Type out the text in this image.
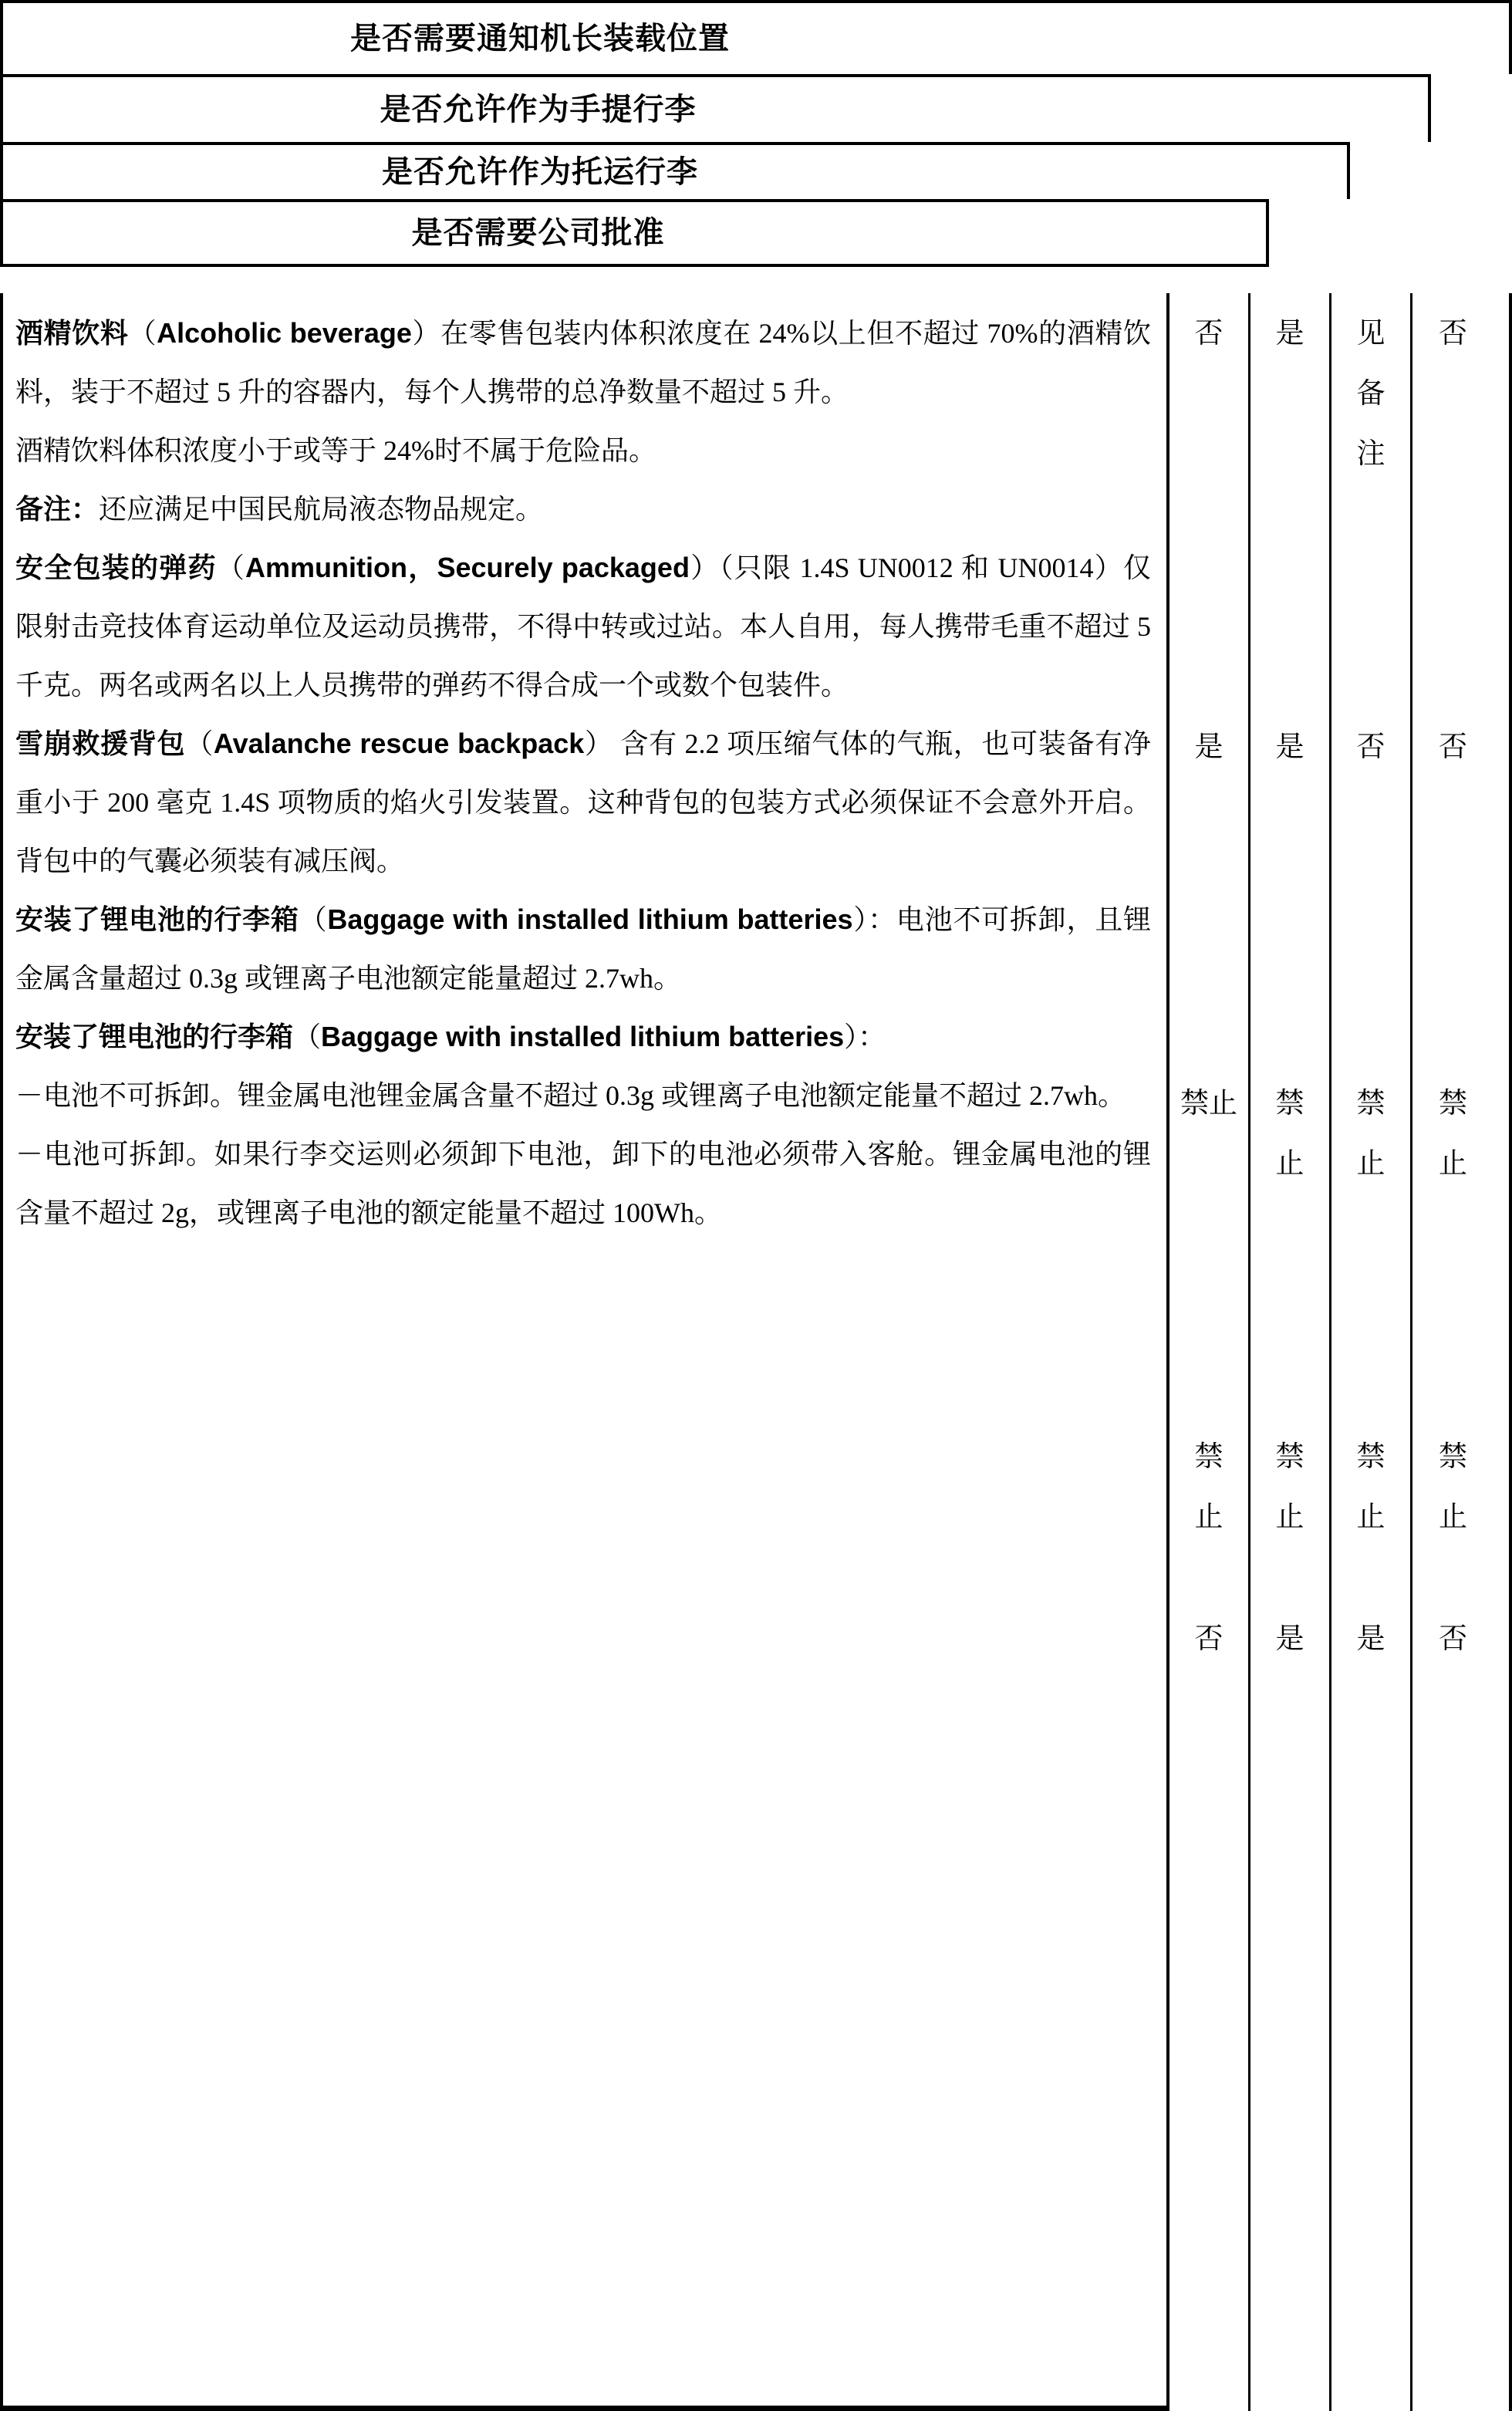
是否需要通知机长装载位置
是否允许作为手提行李
是否允许作为托运行李
是否需要公司批准

酒精饮料（Alcoholic beverage）在零售包装内体积浓度在 24%以上但不超过 70%的酒精饮料，装于不超过 5 升的容器内，每个人携带的总净数量不超过 5 升。

酒精饮料体积浓度小于或等于 24%时不属于危险品。

备注：还应满足中国民航局液态物品规定。

安全包装的弹药（Ammunition，Securely packaged）（只限 1.4S UN0012 和 UN0014）仅限射击竞技体育运动单位及运动员携带，不得中转或过站。本人自用，每人携带毛重不超过 5 千克。两名或两名以上人员携带的弹药不得合成一个或数个包装件。

雪崩救援背包（Avalanche rescue backpack） 含有 2.2 项压缩气体的气瓶，也可装备有净重小于 200 毫克 1.4S 项物质的焰火引发装置。这种背包的包装方式必须保证不会意外开启。背包中的气囊必须装有减压阀。

安装了锂电池的行李箱（Baggage with installed lithium batteries）：电池不可拆卸，且锂金属含量超过 0.3g 或锂离子电池额定能量超过 2.7wh。

安装了锂电池的行李箱（Baggage with installed lithium batteries）：

－电池不可拆卸。锂金属电池锂金属含量不超过 0.3g 或锂离子电池额定能量不超过 2.7wh。

－电池可拆卸。如果行李交运则必须卸下电池，卸下的电池必须带入客舱。锂金属电池的锂含量不超过 2g，或锂离子电池的额定能量不超过 100Wh。

否
是
禁止
禁
止
否
是
是
禁
止
禁
止
是
见
备
注
否
禁
止
禁
止
是
否
否
禁
止
禁
止
否
